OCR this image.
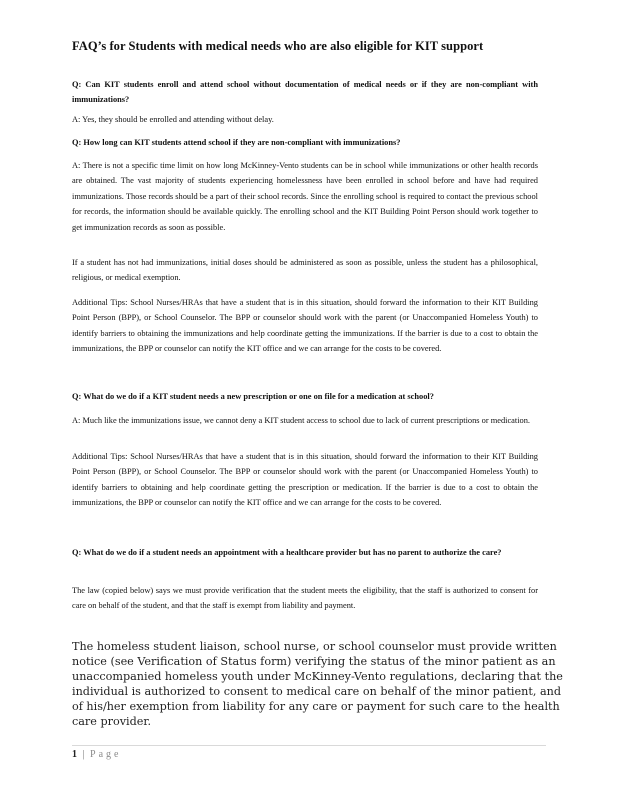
FAQ’s for Students with medical needs who are also eligible for KIT support
Q: Can KIT students enroll and attend school without documentation of medical needs or if they are non-compliant with immunizations?
A: Yes, they should be enrolled and attending without delay.
Q: How long can KIT students attend school if they are non-compliant with immunizations?
A: There is not a specific time limit on how long McKinney-Vento students can be in school while immunizations or other health records are obtained. The vast majority of students experiencing homelessness have been enrolled in school before and have had required immunizations. Those records should be a part of their school records. Since the enrolling school is required to contact the previous school for records, the information should be available quickly. The enrolling school and the KIT Building Point Person should work together to get immunization records as soon as possible.
If a student has not had immunizations, initial doses should be administered as soon as possible, unless the student has a philosophical, religious, or medical exemption.
Additional Tips: School Nurses/HRAs that have a student that is in this situation, should forward the information to their KIT Building Point Person (BPP), or School Counselor. The BPP or counselor should work with the parent (or Unaccompanied Homeless Youth) to identify barriers to obtaining the immunizations and help coordinate getting the immunizations. If the barrier is due to a cost to obtain the immunizations, the BPP or counselor can notify the KIT office and we can arrange for the costs to be covered.
Q: What do we do if a KIT student needs a new prescription or one on file for a medication at school?
A: Much like the immunizations issue, we cannot deny a KIT student access to school due to lack of current prescriptions or medication.
Additional Tips: School Nurses/HRAs that have a student that is in this situation, should forward the information to their KIT Building Point Person (BPP), or School Counselor. The BPP or counselor should work with the parent (or Unaccompanied Homeless Youth) to identify barriers to obtaining and help coordinate getting the prescription or medication. If the barrier is due to a cost to obtain the immunizations, the BPP or counselor can notify the KIT office and we can arrange for the costs to be covered.
Q: What do we do if a student needs an appointment with a healthcare provider but has no parent to authorize the care?
The law (copied below) says we must provide verification that the student meets the eligibility, that the staff is authorized to consent for care on behalf of the student, and that the staff is exempt from liability and payment.
The homeless student liaison, school nurse, or school counselor must provide written notice (see Verification of Status form) verifying the status of the minor patient as an unaccompanied homeless youth under McKinney-Vento regulations, declaring that the individual is authorized to consent to medical care on behalf of the minor patient, and of his/her exemption from liability for any care or payment for such care to the health care provider.
1 | Page
